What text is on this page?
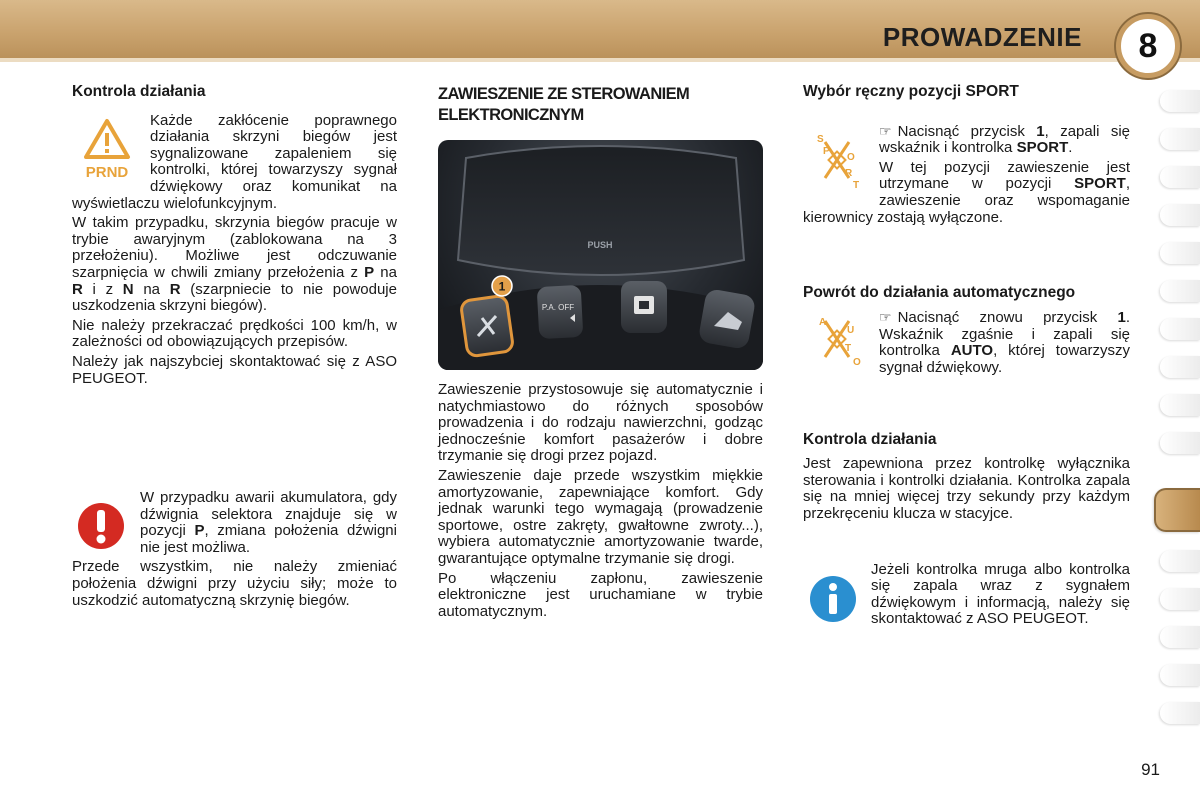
PROWADZENIE 8
Kontrola działania
PRND

Każde zakłócenie poprawnego działania skrzyni biegów jest sygnalizowane zapaleniem się kontrolki, której towarzyszy sygnał dźwiękowy oraz komunikat na wyświetlaczu wielofunkcyjnym.

W takim przypadku, skrzynia biegów pracuje w trybie awaryjnym (zablokowana na 3 przełożeniu). Możliwe jest odczuwanie szarpnięcia w chwili zmiany przełożenia z P na R i z N na R (szarpniecie to nie powoduje uszkodzenia skrzyni biegów).

Nie należy przekraczać prędkości 100 km/h, w zależności od obowiązujących przepisów.

Należy jak najszybciej skontaktować się z ASO PEUGEOT.

W przypadku awarii akumulatora, gdy dźwignia selektora znajduje się w pozycji P, zmiana położenia dźwigni nie jest możliwa.

Przede wszystkim, nie należy zmieniać położenia dźwigni przy użyciu siły; może to uszkodzić automatyczną skrzynię biegów.

ZAWIESZENIE ZE STEROWANIEM ELEKTRONICZNYM
PUSH
1
P.A. OFF

Zawieszenie przystosowuje się automatycznie i natychmiastowo do różnych sposobów prowadzenia i do rodzaju nawierzchni, godząc jednocześnie komfort pasażerów i dobre trzymanie się drogi przez pojazd.

Zawieszenie daje przede wszystkim miękkie amortyzowanie, zapewniające komfort. Gdy jednak warunki tego wymagają (prowadzenie sportowe, ostre zakręty, gwałtowne zwroty...), wybiera automatycznie amortyzowanie twarde, gwarantujące optymalne trzymanie się drogi.

Po włączeniu zapłonu, zawieszenie elektroniczne jest uruchamiane w trybie automatycznym.

Wybór ręczny pozycji SPORT
S
P
O
R
T

☞ Nacisnąć przycisk 1, zapali się wskaźnik i kontrolka SPORT.

W tej pozycji zawieszenie jest utrzymane w pozycji SPORT, zawieszenie oraz wspomaganie kierownicy zostają wyłączone.

Powrót do działania automatycznego
A
U
T
O

☞ Nacisnąć znowu przycisk 1. Wskaźnik zgaśnie i zapali się kontrolka AUTO, której towarzyszy sygnał dźwiękowy.

Kontrola działania

Jest zapewniona przez kontrolkę wyłącznika sterowania i kontrolki działania. Kontrolka zapala się na mniej więcej trzy sekundy przy każdym przekręceniu klucza w stacyjce.

Jeżeli kontrolka mruga albo kontrolka się zapala wraz z sygnałem dźwiękowym i informacją, należy się skontaktować z ASO PEUGEOT.

91
